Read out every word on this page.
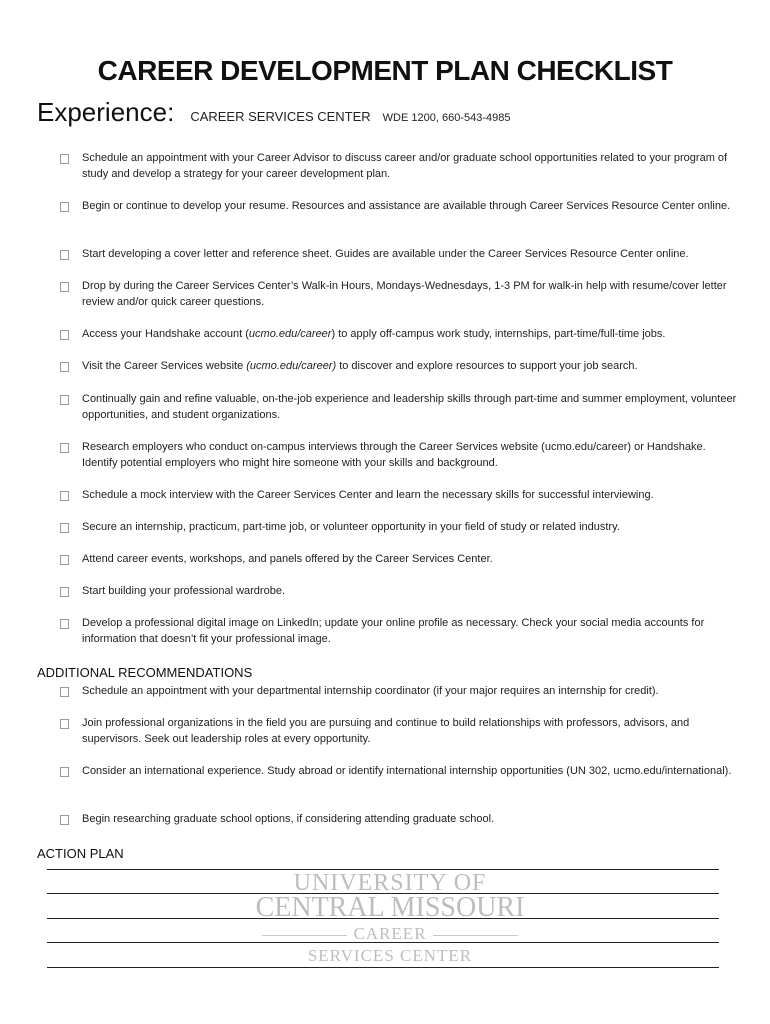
CAREER DEVELOPMENT PLAN CHECKLIST
Experience: CAREER SERVICES CENTER WDE 1200, 660-543-4985
Schedule an appointment with your Career Advisor to discuss career and/or graduate school opportunities related to your program of study and develop a strategy for your career development plan.
Begin or continue to develop your resume. Resources and assistance are available through Career Services Resource Center online.
Start developing a cover letter and reference sheet. Guides are available under the Career Services Resource Center online.
Drop by during the Career Services Center’s Walk-in Hours, Mondays-Wednesdays, 1-3 PM for walk-in help with resume/cover letter review and/or quick career questions.
Access your Handshake account (ucmo.edu/career) to apply off-campus work study, internships, part-time/full-time jobs.
Visit the Career Services website (ucmo.edu/career) to discover and explore resources to support your job search.
Continually gain and refine valuable, on-the-job experience and leadership skills through part-time and summer employment, volunteer opportunities, and student organizations.
Research employers who conduct on-campus interviews through the Career Services website (ucmo.edu/career) or Handshake. Identify potential employers who might hire someone with your skills and background.
Schedule a mock interview with the Career Services Center and learn the necessary skills for successful interviewing.
Secure an internship, practicum, part-time job, or volunteer opportunity in your field of study or related industry.
Attend career events, workshops, and panels offered by the Career Services Center.
Start building your professional wardrobe.
Develop a professional digital image on LinkedIn; update your online profile as necessary. Check your social media accounts for information that doesn’t fit your professional image.
ADDITIONAL RECOMMENDATIONS
Schedule an appointment with your departmental internship coordinator (if your major requires an internship for credit).
Join professional organizations in the field you are pursuing and continue to build relationships with professors, advisors, and supervisors. Seek out leadership roles at every opportunity.
Consider an international experience. Study abroad or identify international internship opportunities (UN 302, ucmo.edu/international).
Begin researching graduate school options, if considering attending graduate school.
ACTION PLAN
UNIVERSITY OF
CENTRAL MISSOURI
CAREER
SERVICES CENTER
